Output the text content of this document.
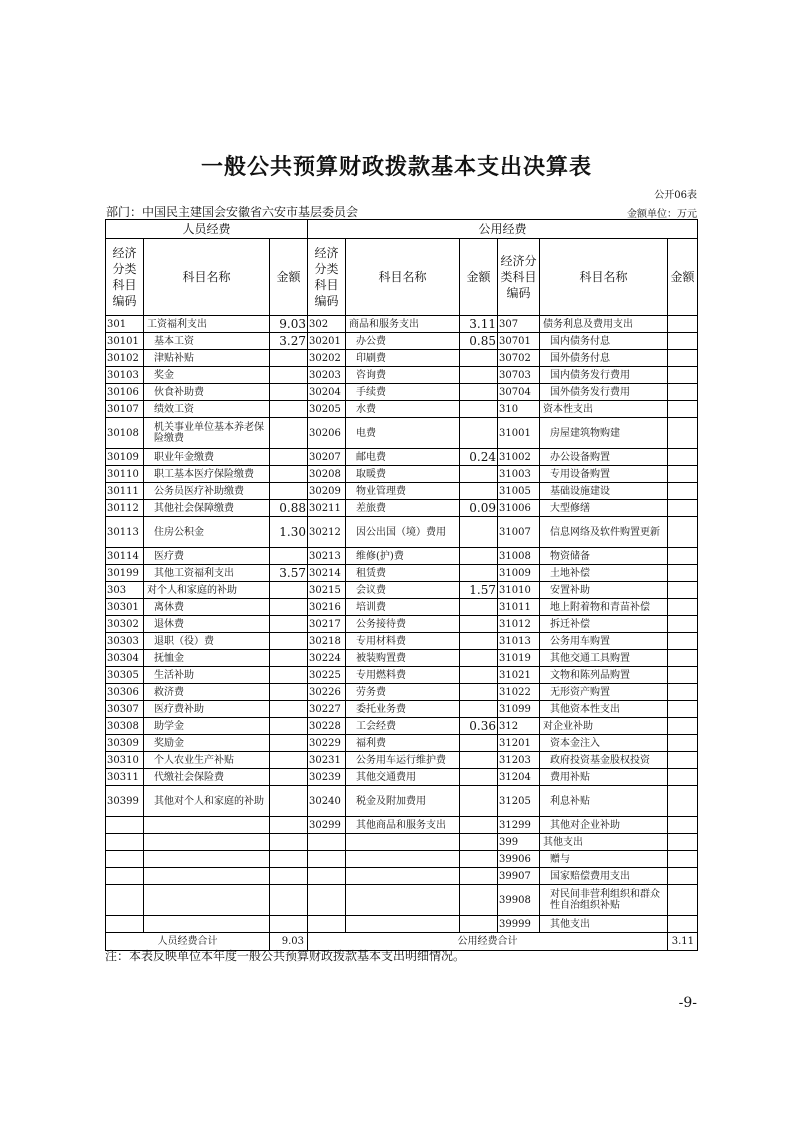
一般公共预算财政拨款基本支出决算表
公开06表
部门：中国民主建国会安徽省六安市基层委员会	金额单位：万元
人员经费			公用经费					
经济分类科目编码	科目名称	金额	经济分类科目编码	科目名称	金额	经济分类科目编码	科目名称	金额
301	工资福利支出	9.03	302	商品和服务支出	3.11	307	债务利息及费用支出	
30101	基本工资	3.27	30201	办公费	0.85	30701	国内债务付息	
30102	津贴补贴		30202	印刷费		30702	国外债务付息	
30103	奖金		30203	咨询费		30703	国内债务发行费用	
30106	伙食补助费		30204	手续费		30704	国外债务发行费用	
30107	绩效工资		30205	水费		310	资本性支出	
30108	机关事业单位基本养老保险缴费		30206	电费		31001	房屋建筑物购建	
30109	职业年金缴费		30207	邮电费	0.24	31002	办公设备购置	
30110	职工基本医疗保险缴费		30208	取暖费		31003	专用设备购置	
30111	公务员医疗补助缴费		30209	物业管理费		31005	基础设施建设	
30112	其他社会保障缴费	0.88	30211	差旅费	0.09	31006	大型修缮	
30113	住房公积金	1.30	30212	因公出国（境）费用		31007	信息网络及软件购置更新	
30114	医疗费		30213	维修(护)费		31008	物资储备	
30199	其他工资福利支出	3.57	30214	租赁费		31009	土地补偿	
303	对个人和家庭的补助		30215	会议费	1.57	31010	安置补助	
30301	离休费		30216	培训费		31011	地上附着物和青苗补偿	
30302	退休费		30217	公务接待费		31012	拆迁补偿	
30303	退职（役）费		30218	专用材料费		31013	公务用车购置	
30304	抚恤金		30224	被装购置费		31019	其他交通工具购置	
30305	生活补助		30225	专用燃料费		31021	文物和陈列品购置	
30306	救济费		30226	劳务费		31022	无形资产购置	
30307	医疗费补助		30227	委托业务费		31099	其他资本性支出	
30308	助学金		30228	工会经费	0.36	312	对企业补助	
30309	奖励金		30229	福利费		31201	资本金注入	
30310	个人农业生产补贴		30231	公务用车运行维护费		31203	政府投资基金股权投资	
30311	代缴社会保险费		30239	其他交通费用		31204	费用补贴	
30399	其他对个人和家庭的补助		30240	税金及附加费用		31205	利息补贴	
			30299	其他商品和服务支出		31299	其他对企业补助	
						399	其他支出	
						39906	赠与	
						39907	国家赔偿费用支出	
						39908	对民间非营利组织和群众性自治组织补贴	
						39999	其他支出	
人员经费合计		9.03	公用经费合计					3.11
注：本表反映单位本年度一般公共预算财政拨款基本支出明细情况。
-9-
